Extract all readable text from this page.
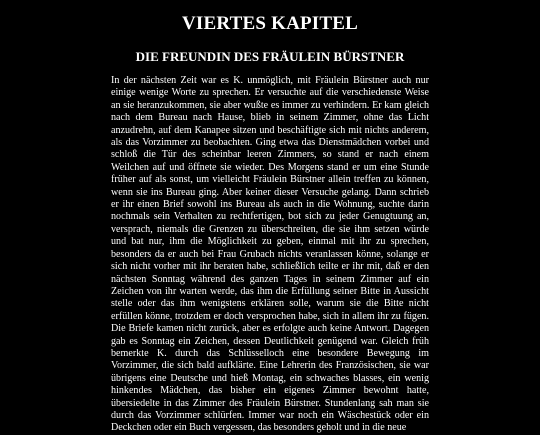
VIERTES KAPITEL
DIE FREUNDIN DES FRÄULEIN BÜRSTNER

In der nächsten Zeit war es K. unmöglich, mit Fräulein Bürstner auch nur einige wenige Worte zu sprechen. Er versuchte auf die verschiedenste Weise an sie heranzukommen, sie aber wußte es immer zu verhindern. Er kam gleich nach dem Bureau nach Hause, blieb in seinem Zimmer, ohne das Licht anzudrehn, auf dem Kanapee sitzen und beschäftigte sich mit nichts anderem, als das Vorzimmer zu beobachten. Ging etwa das Dienstmädchen vorbei und schloß die Tür des scheinbar leeren Zimmers, so stand er nach einem Weilchen auf und öffnete sie wieder. Des Morgens stand er um eine Stunde früher auf als sonst, um vielleicht Fräulein Bürstner allein treffen zu können, wenn sie ins Bureau ging. Aber keiner dieser Versuche gelang. Dann schrieb er ihr einen Brief sowohl ins Bureau als auch in die Wohnung, suchte darin nochmals sein Verhalten zu rechtfertigen, bot sich zu jeder Genugtuung an, versprach, niemals die Grenzen zu überschreiten, die sie ihm setzen würde und bat nur, ihm die Möglichkeit zu geben, einmal mit ihr zu sprechen, besonders da er auch bei Frau Grubach nichts veranlassen könne, solange er sich nicht vorher mit ihr beraten habe, schließlich teilte er ihr mit, daß er den nächsten Sonntag während des ganzen Tages in seinem Zimmer auf ein Zeichen von ihr warten werde, das ihm die Erfüllung seiner Bitte in Aussicht stelle oder das ihm wenigstens erklären solle, warum sie die Bitte nicht erfüllen könne, trotzdem er doch versprochen habe, sich in allem ihr zu fügen. Die Briefe kamen nicht zurück, aber es erfolgte auch keine Antwort. Dagegen gab es Sonntag ein Zeichen, dessen Deutlichkeit genügend war. Gleich früh bemerkte K. durch das Schlüsselloch eine besondere Bewegung im Vorzimmer, die sich bald aufklärte. Eine Lehrerin des Französischen, sie war übrigens eine Deutsche und hieß Montag, ein schwaches blasses, ein wenig hinkendes Mädchen, das bisher ein eigenes Zimmer bewohnt hatte, übersiedelte in das Zimmer des Fräulein Bürstner. Stundenlang sah man sie durch das Vorzimmer schlürfen. Immer war noch ein Wäschestück oder ein Deckchen oder ein Buch vergessen, das besonders geholt und in die neue
